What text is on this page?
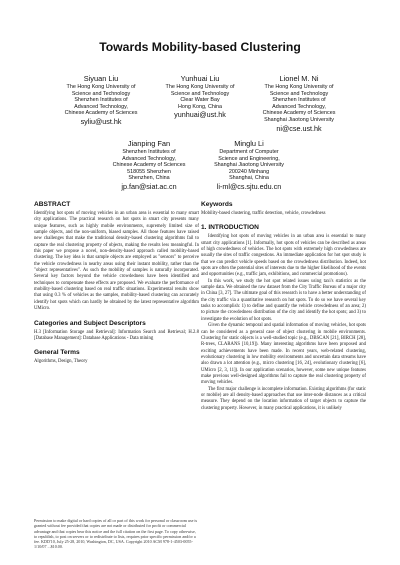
Towards Mobility-based Clustering
Siyuan Liu
The Hong Kong University of
Science and Technology
Shenzhen Institutes of
Advanced Technology,
Chinese Academy of Sciences
syliu@ust.hk
Yunhuai Liu
The Hong Kong University of
Science and Technology
Clear Water Bay
Hong Kong, China
yunhuai@ust.hk
Lionel M. Ni
The Hong Kong University of
Science and Technology
Shenzhen Institutes of
Advanced Technology,
Chinese Academy of Sciences
Shanghai Jiaotong University
ni@cse.ust.hk
Jianping Fan
Shenzhen Institutes of
Advanced Technology,
Chinese Academy of Sciences
518055 Shenzhen
Shenzhen, China
jp.fan@siat.ac.cn
Minglu Li
Department of Computer
Science and Engineering,
Shanghai Jiaotong University
200240 Minhang
Shanghai, China
li-ml@cs.sjtu.edu.cn
ABSTRACT

Identifying hot spots of moving vehicles in an urban area is essential to many smart city applications. The practical research on hot spots in smart city presents many unique features, such as highly mobile environments, supremely limited size of sample objects, and the non-uniform, biased samples. All those features have raised new challenges that make the traditional density-based clustering algorithms fail to capture the real clustering property of objects, making the results less meaningful. In this paper we propose a novel, non-density-based approach called mobility-based clustering. The key idea is that sample objects are employed as "sensors" to perceive the vehicle crowdedness in nearby areas using their instant mobility, rather than the "object representatives". As such the mobility of samples is naturally incorporated. Several key factors beyond the vehicle crowdedness have been identified and techniques to compensate these effects are proposed. We evaluate the performance of mobility-based clustering based on real traffic situations. Experimental results show that using 0.3 % of vehicles as the samples, mobility-based clustering can accurately identify hot spots which can hardly be obtained by the latest representative algorithm UMicro.

Categories and Subject Descriptors

H.3 [Information Storage and Retrieval]: Information Search and Retrieval; H.2.8 [Database Management]: Database Applications - Data mining

General Terms

Algorithms, Design, Theory

Permission to make digital or hard copies of all or part of this work for personal or classroom use is granted without fee provided that copies are not made or distributed for profit or commercial advantage and that copies bear this notice and the full citation on the first page. To copy otherwise, to republish, to post on servers or to redistribute to lists, requires prior specific permission and/or a fee. KDD'10, July 25-28, 2010, Washington, DC, USA. Copyright 2010 ACM 978-1-4503-0055-1/10/07 ...$10.00.
Keywords

Mobility-based clustering, traffic detection, vehicle, crowdedness

1. INTRODUCTION

Identifying hot spots of moving vehicles in an urban area is essential to many smart city applications [1]. Informally, hot spots of vehicles can be described as areas of high crowdedness of vehicles. The hot spots with extremely high crowdedness are usually the sites of traffic congestions. An immediate application for hot spot study is that we can predict vehicle speeds based on the crowdedness distribution. Indeed, hot spots are often the potential sites of interests due to the higher likelihood of the events and opportunities (e.g., traffic jam, exhibitions, and commercial promotions).

In this work, we study the hot spot related issues using taxi's statistics as the sample data. We obtained the raw dataset from the City Traffic Bureau of a major city in China [3, 27]. The ultimate goal of this research is to have a better understanding of the city traffic via a quantitative research on hot spots. To do so we have several key tasks to accomplish: 1) to define and quantify the vehicle crowdedness of an area; 2) to picture the crowdedness distribution of the city and identify the hot spots; and 3) to investigate the evolution of hot spots.

Given the dynamic temporal and spatial information of moving vehicles, hot spots can be considered as a general case of object clustering in mobile environments. Clustering for static objects is a well-studied topic (e.g., DBSCAN [21], BIRCH [28], R-trees, CLARANS [10,19]). Many interesting algorithms have been proposed and exciting achievements have been made. In recent years, web-related clustering, evolutionary clustering in low mobility environments and uncertain data streams have also drawn a lot attention (e.g., micro clustering [16, 24], evolutionary clustering [6], UMicro [2, 3, 11]). In our application scenarios, however, some new unique features make previous well-designed algorithms fail to capture the real clustering property of moving vehicles.

The first major challenge is incomplete information. Existing algorithms (for static or mobile) are all density-based approaches that use inter-node distances as a critical measure. They depend on the location information of target objects to capture the clustering property. However, in many practical applications, it is unlikely
